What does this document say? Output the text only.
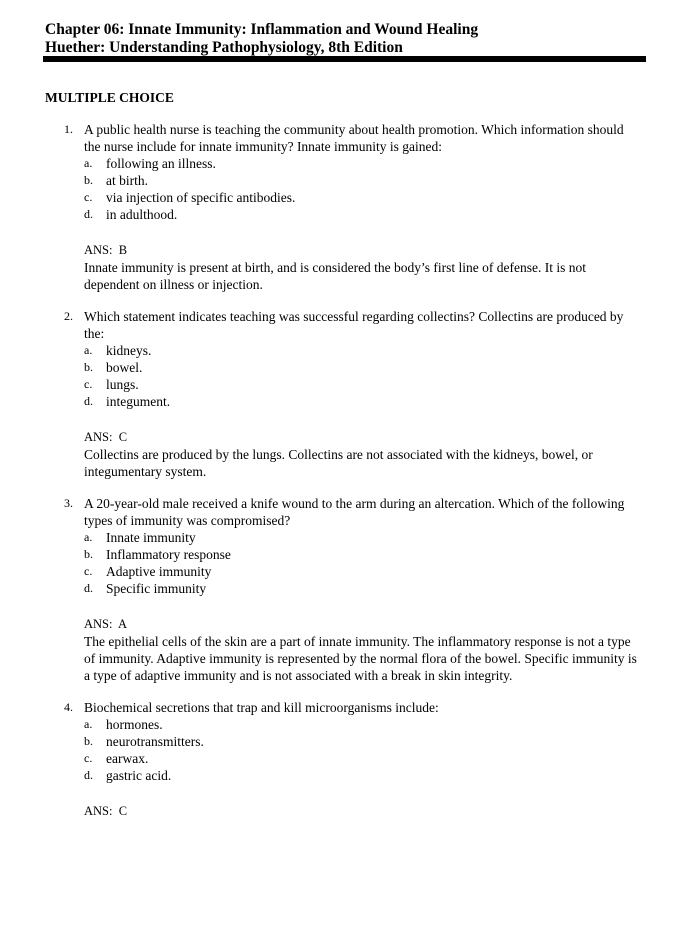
Chapter 06: Innate Immunity: Inflammation and Wound Healing
Huether: Understanding Pathophysiology, 8th Edition
MULTIPLE CHOICE
1. A public health nurse is teaching the community about health promotion. Which information should the nurse include for innate immunity? Innate immunity is gained:
a. following an illness.
b. at birth.
c. via injection of specific antibodies.
d. in adulthood.
ANS:  B
Innate immunity is present at birth, and is considered the body’s first line of defense. It is not dependent on illness or injection.
2. Which statement indicates teaching was successful regarding collectins? Collectins are produced by the:
a. kidneys.
b. bowel.
c. lungs.
d. integument.
ANS:  C
Collectins are produced by the lungs. Collectins are not associated with the kidneys, bowel, or integumentary system.
3. A 20-year-old male received a knife wound to the arm during an altercation. Which of the following types of immunity was compromised?
a. Innate immunity
b. Inflammatory response
c. Adaptive immunity
d. Specific immunity
ANS:  A
The epithelial cells of the skin are a part of innate immunity. The inflammatory response is not a type of immunity. Adaptive immunity is represented by the normal flora of the bowel. Specific immunity is a type of adaptive immunity and is not associated with a break in skin integrity.
4. Biochemical secretions that trap and kill microorganisms include:
a. hormones.
b. neurotransmitters.
c. earwax.
d. gastric acid.
ANS:  C
